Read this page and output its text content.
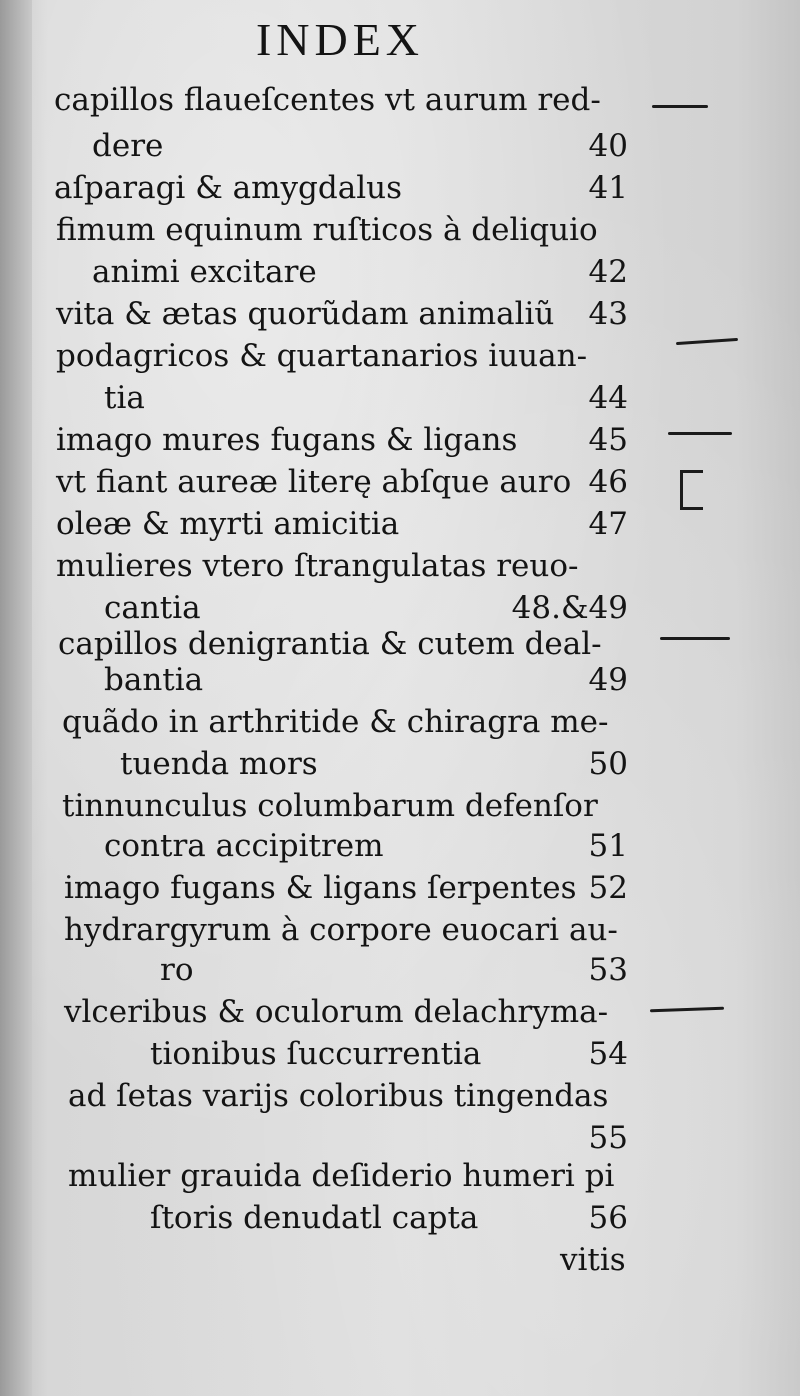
INDEX
capillos flaueſcentes vt aurum red-
dere	40
aſparagi & amygdalus	41
fimum equinum ruſticos à deliquio
animi excitare	42
vita & ætas quorũdam animaliũ 43
podagricos & quartanarios iuuan-
tia	44
imago mures fugans & ligans 45
vt fiant aureæ literę abſque auro 46
oleæ & myrti amicitia	47
mulieres vtero ſtrangulatas reuo-
cantia	48.&49
capillos denigrantia & cutem deal-
bantia	49
quãdo in arthritide & chiragra me-
tuenda mors	50
tinnunculus columbarum defenſor
contra accipitrem	51
imago fugans & ligans ſerpentes 52
hydrargyrum à corpore euocari au-
ro	53
vlceribus & oculorum delachryma-
tionibus ſuccurrentia	54
ad ſetas varijs coloribus tingendas
55
mulier grauida deſiderio humeri pi
ſtoris denudatl capta	56
vitis
